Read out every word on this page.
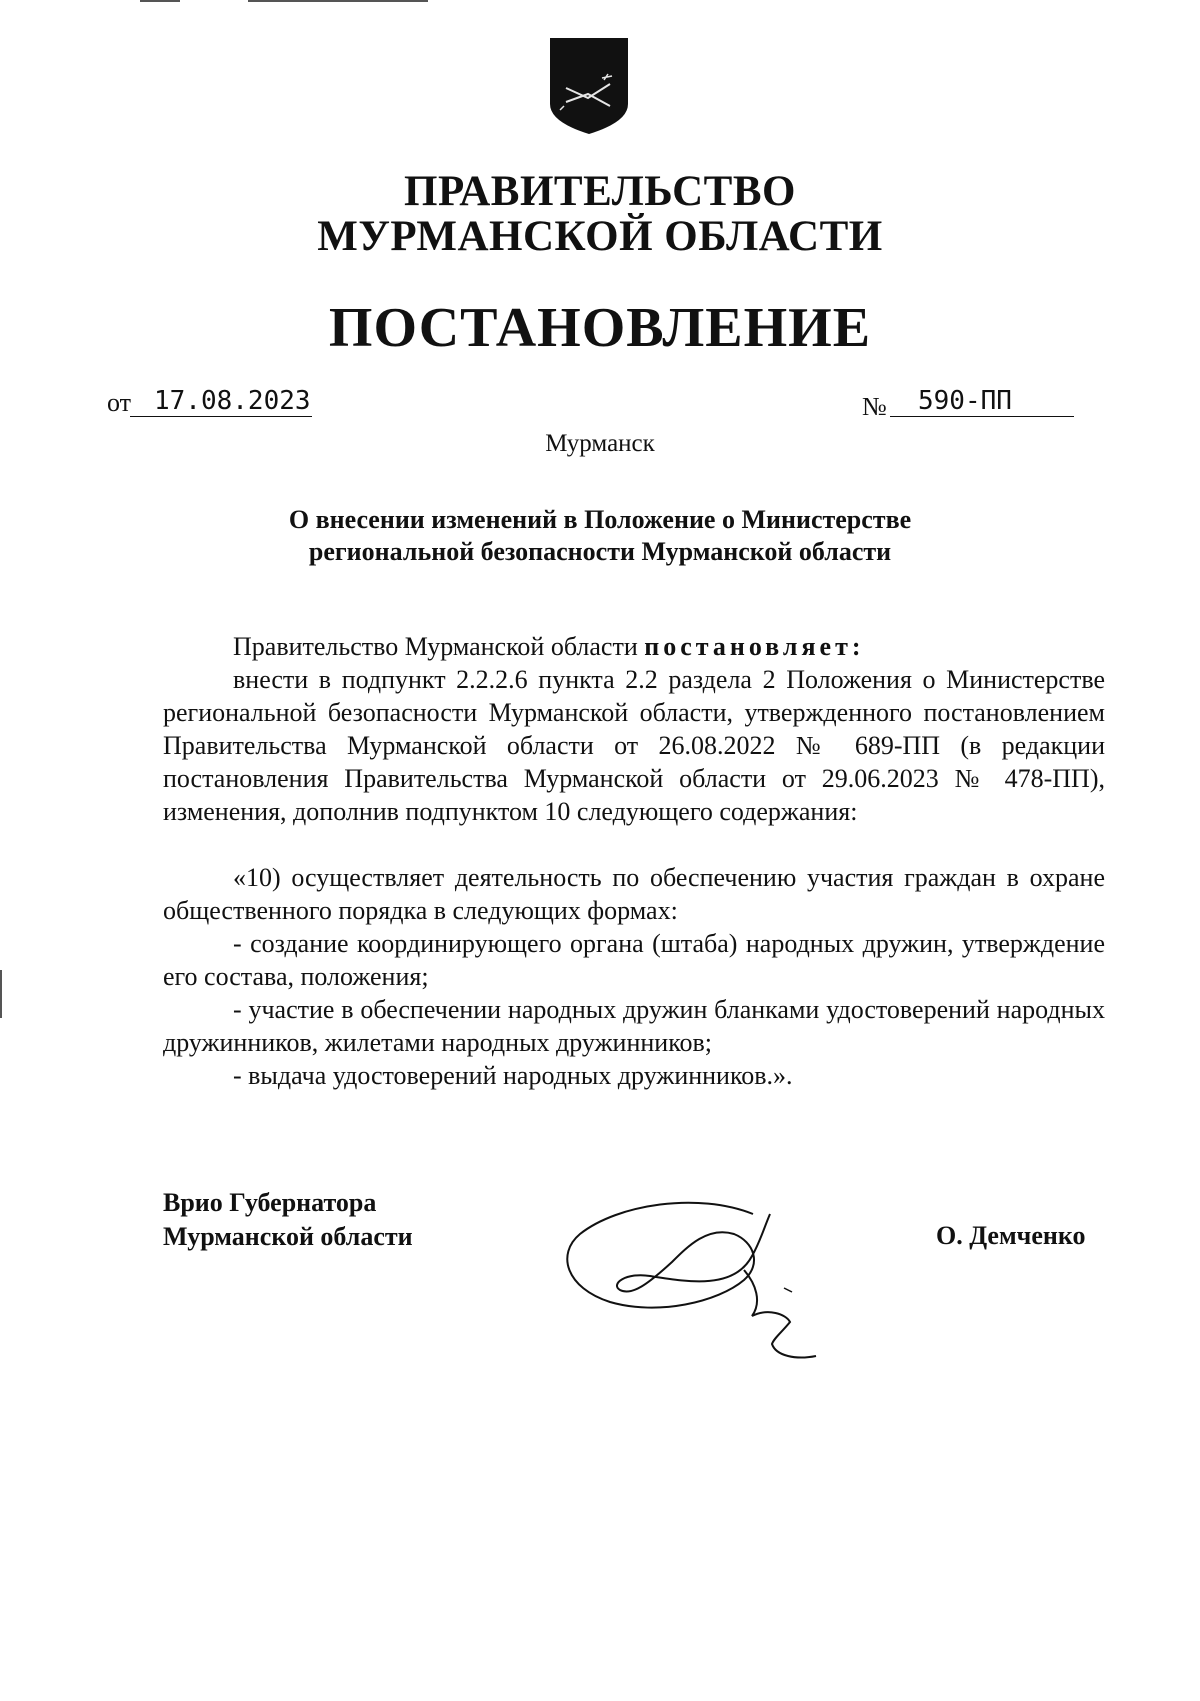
ПРАВИТЕЛЬСТВО
МУРМАНСКОЙ ОБЛАСТИ
ПОСТАНОВЛЕНИЕ
от 17.08.2023	№	590-ПП
Мурманск
О внесении изменений в Положение о Министерстве
региональной безопасности Мурманской области
Правительство Мурманской области постановляет:
внести в подпункт 2.2.2.6 пункта 2.2 раздела 2 Положения о Министерстве региональной безопасности Мурманской области, утвержденного постановлением Правительства Мурманской области от 26.08.2022 № 689-ПП (в редакции постановления Правительства Мурманской области от 29.06.2023 № 478-ПП), изменения, дополнив подпунктом 10 следующего содержания:
«10) осуществляет деятельность по обеспечению участия граждан в охране общественного порядка в следующих формах:
- создание координирующего органа (штаба) народных дружин, утверждение его состава, положения;
- участие в обеспечении народных дружин бланками удостоверений народных дружинников, жилетами народных дружинников;
- выдача удостоверений народных дружинников.».
Врио Губернатора
Мурманской области	О. Демченко
